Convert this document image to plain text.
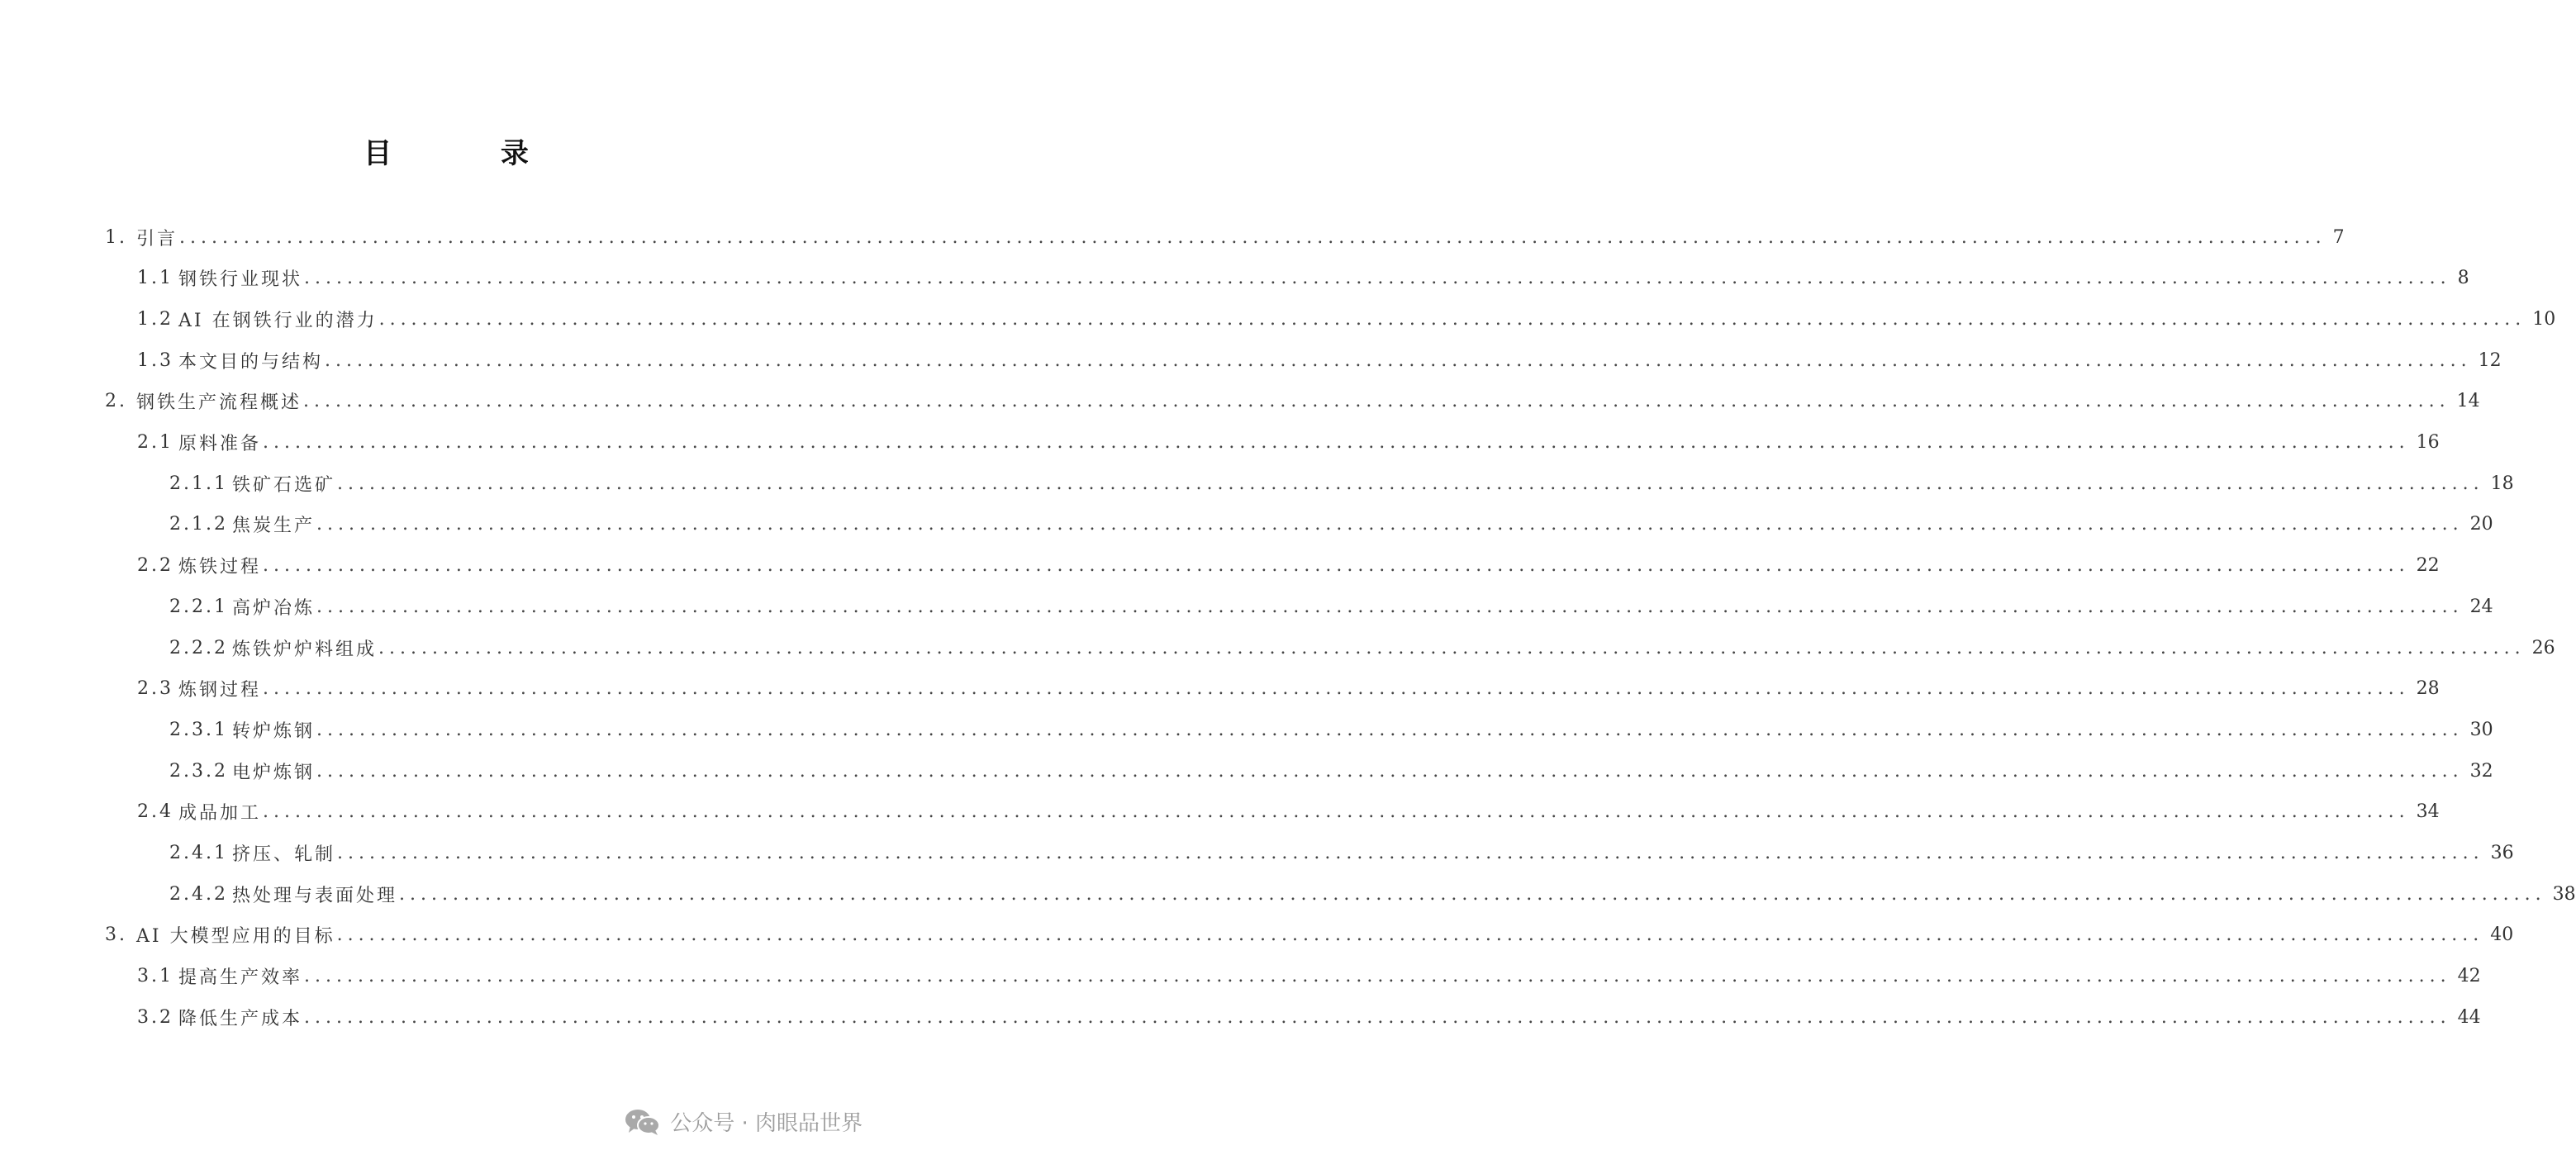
目 录
1. 引言 ........................................................................................................................................................................................................ 7
1.1 钢铁行业现状 ........................................................................................................................................................................................................ 8
1.2 AI 在钢铁行业的潜力 ........................................................................................................................................................................................................ 10
1.3 本文目的与结构 ........................................................................................................................................................................................................ 12
2. 钢铁生产流程概述 ........................................................................................................................................................................................................ 14
2.1 原料准备 ........................................................................................................................................................................................................ 16
2.1.1 铁矿石选矿 ........................................................................................................................................................................................................ 18
2.1.2 焦炭生产 ........................................................................................................................................................................................................ 20
2.2 炼铁过程 ........................................................................................................................................................................................................ 22
2.2.1 高炉冶炼 ........................................................................................................................................................................................................ 24
2.2.2 炼铁炉炉料组成 ........................................................................................................................................................................................................ 26
2.3 炼钢过程 ........................................................................................................................................................................................................ 28
2.3.1 转炉炼钢 ........................................................................................................................................................................................................ 30
2.3.2 电炉炼钢 ........................................................................................................................................................................................................ 32
2.4 成品加工 ........................................................................................................................................................................................................ 34
2.4.1 挤压、轧制 ........................................................................................................................................................................................................ 36
2.4.2 热处理与表面处理 ........................................................................................................................................................................................................ 38
3. AI 大模型应用的目标 ........................................................................................................................................................................................................ 40
3.1 提高生产效率 ........................................................................................................................................................................................................ 42
3.2 降低生产成本 ........................................................................................................................................................................................................ 44
公众号 · 肉眼品世界
